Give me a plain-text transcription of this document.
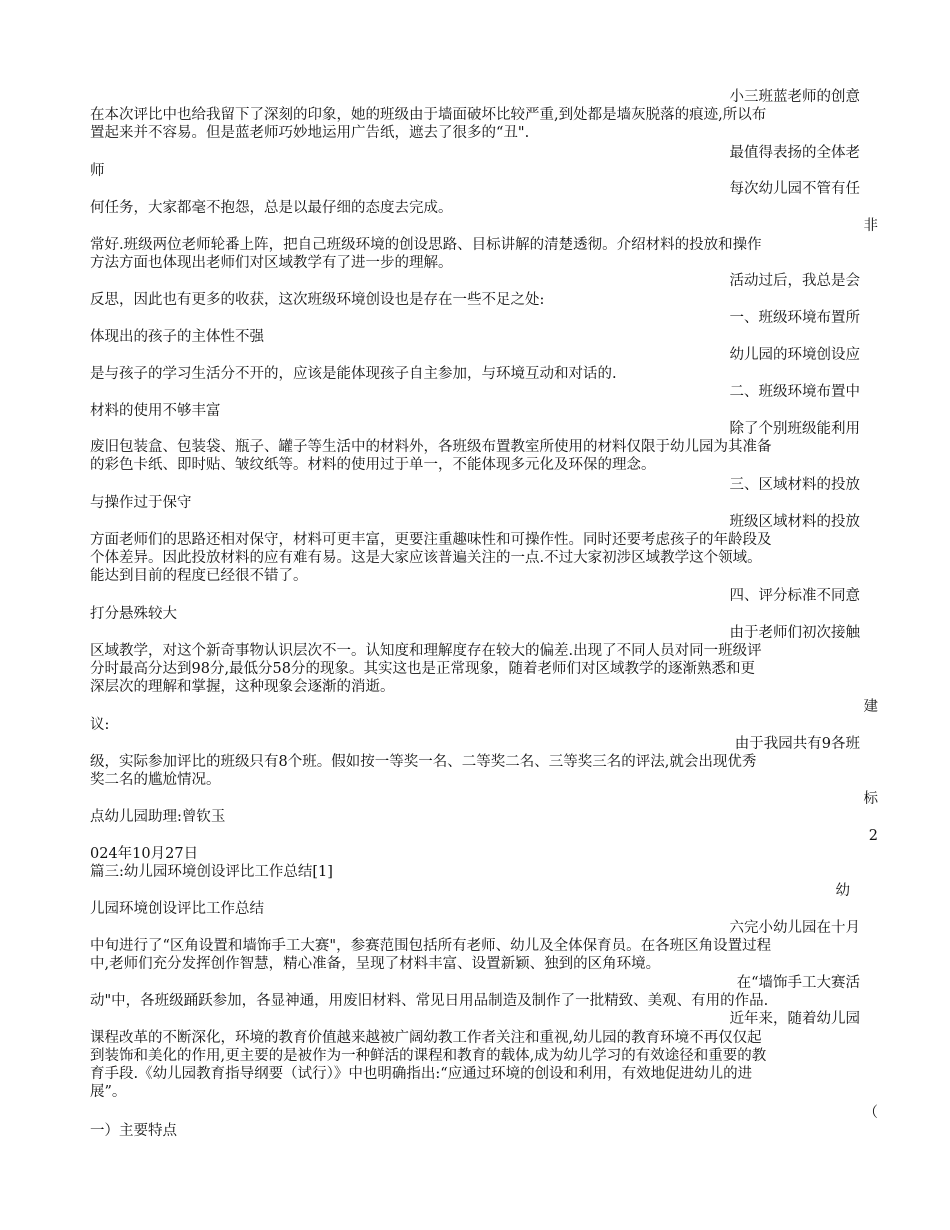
小三班蓝老师的创意
在本次评比中也给我留下了深刻的印象，她的班级由于墙面破坏比较严重,到处都是墙灰脱落的痕迹,所以布
置起来并不容易。但是蓝老师巧妙地运用广告纸，遮去了很多的“丑".
最值得表扬的全体老
师
每次幼儿园不管有任
何任务，大家都毫不抱怨，总是以最仔细的态度去完成。
非
常好.班级两位老师轮番上阵，把自己班级环境的创设思路、目标讲解的清楚透彻。介绍材料的投放和操作
方法方面也体现出老师们对区域教学有了进一步的理解。
活动过后，我总是会
反思，因此也有更多的收获，这次班级环境创设也是存在一些不足之处:
一、班级环境布置所
体现出的孩子的主体性不强
幼儿园的环境创设应
是与孩子的学习生活分不开的，应该是能体现孩子自主参加，与环境互动和对话的.
二、班级环境布置中
材料的使用不够丰富
除了个别班级能利用
废旧包装盒、包装袋、瓶子、罐子等生活中的材料外，各班级布置教室所使用的材料仅限于幼儿园为其准备
的彩色卡纸、即时贴、皱纹纸等。材料的使用过于单一，不能体现多元化及环保的理念。
三、区域材料的投放
与操作过于保守
班级区域材料的投放
方面老师们的思路还相对保守，材料可更丰富，更要注重趣味性和可操作性。同时还要考虑孩子的年龄段及
个体差异。因此投放材料的应有难有易。这是大家应该普遍关注的一点.不过大家初涉区域教学这个领域。
能达到目前的程度已经很不错了。
四、评分标准不同意
打分悬殊较大
由于老师们初次接触
区域教学，对这个新奇事物认识层次不一。认知度和理解度存在较大的偏差.出现了不同人员对同一班级评
分时最高分达到98分,最低分58分的现象。其实这也是正常现象，随着老师们对区域教学的逐渐熟悉和更
深层次的理解和掌握，这种现象会逐渐的消逝。
建
议:
由于我园共有9各班
级，实际参加评比的班级只有8个班。假如按一等奖一名、二等奖二名、三等奖三名的评法,就会出现优秀
奖二名的尴尬情况。
标
点幼儿园助理:曾钦玉
2
024年10月27日
篇三:幼儿园环境创设评比工作总结[1]
幼
儿园环境创设评比工作总结
六完小幼儿园在十月
中旬进行了“区角设置和墙饰手工大赛"，参赛范围包括所有老师、幼儿及全体保育员。在各班区角设置过程
中,老师们充分发挥创作智慧，精心准备，呈现了材料丰富、设置新颖、独到的区角环境。
在“墙饰手工大赛活
动"中，各班级踊跃参加，各显神通，用废旧材料、常见日用品制造及制作了一批精致、美观、有用的作品.
近年来，随着幼儿园
课程改革的不断深化，环境的教育价值越来越被广阔幼教工作者关注和重视,幼儿园的教育环境不再仅仅起
到装饰和美化的作用,更主要的是被作为一种鲜活的课程和教育的载体,成为幼儿学习的有效途径和重要的教
育手段.《幼儿园教育指导纲要（试行）》中也明确指出:“应通过环境的创设和利用，有效地促进幼儿的进
展”。
（
一）主要特点
